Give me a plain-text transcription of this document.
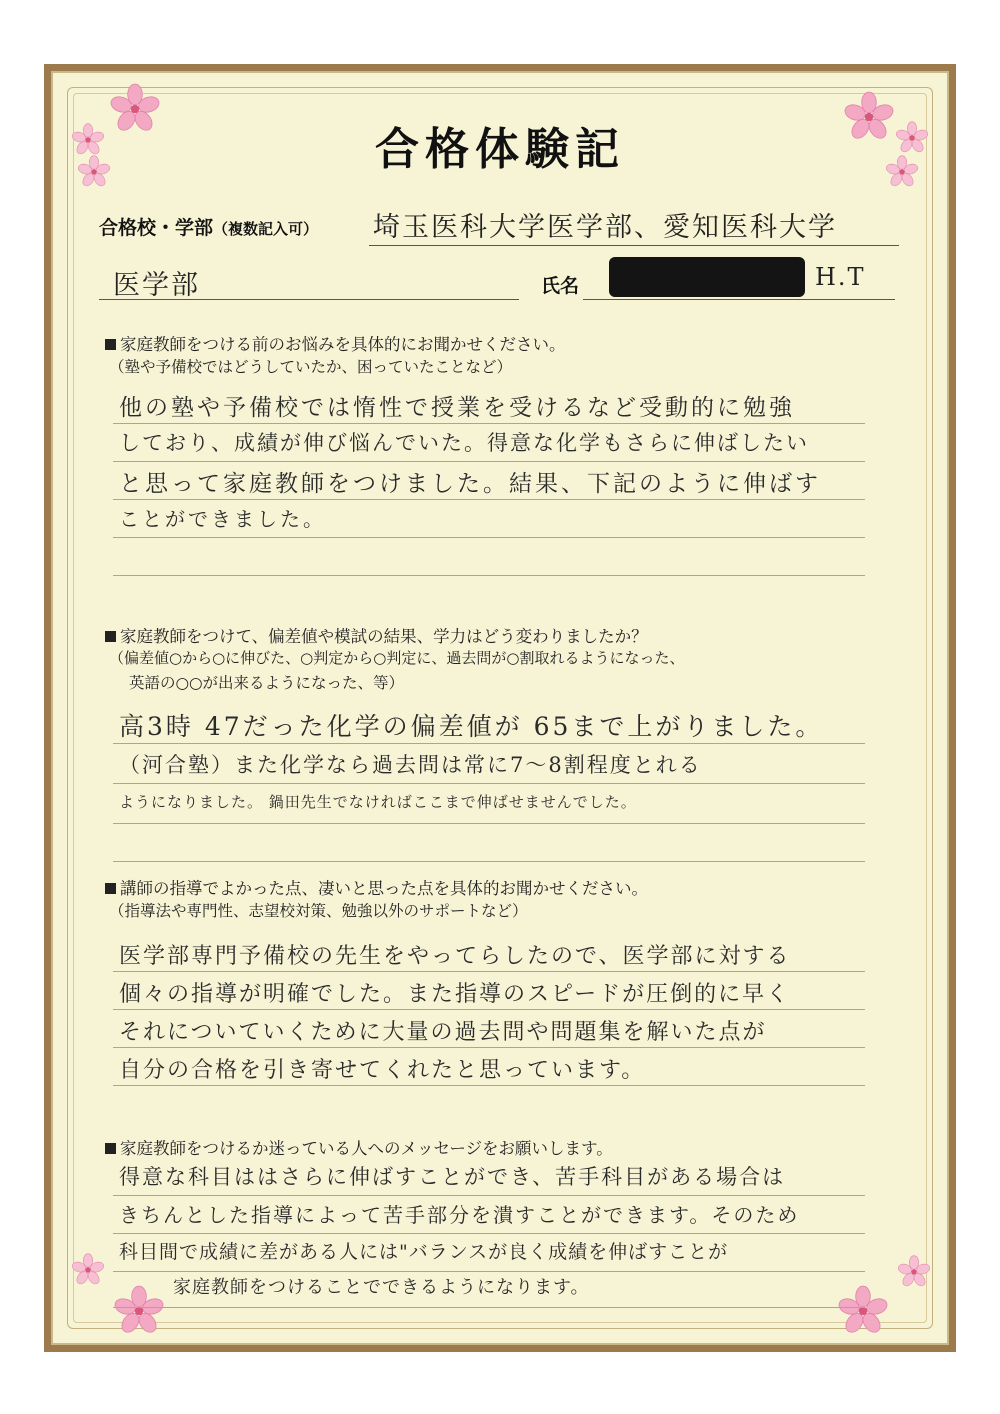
合格体験記
合格校・学部（複数記入可） 埼玉医科大学医学部、愛知医科大学
医学部	氏名	H.T
家庭教師をつける前のお悩みを具体的にお聞かせください。
（塾や予備校ではどうしていたか、困っていたことなど）
他の塾や予備校では惰性で授業を受けるなど受動的に勉強
しており、成績が伸び悩んでいた。得意な化学もさらに伸ばしたい
と思って家庭教師をつけました。結果、下記のように伸ばす
ことができました。
家庭教師をつけて、偏差値や模試の結果、学力はどう変わりましたか？
（偏差値○から○に伸びた、○判定から○判定に、過去問が○割取れるようになった、
英語の○○が出来るようになった、等）
高3時 47だった化学の偏差値が 65まで上がりました。
（河合塾）また化学なら過去問は常に7～8割程度とれる
ようになりました。 鍋田先生でなければここまで伸ばせませんでした。
講師の指導でよかった点、凄いと思った点を具体的お聞かせください。
（指導法や専門性、志望校対策、勉強以外のサポートなど）
医学部専門予備校の先生をやってらしたので、医学部に対する
個々の指導が明確でした。また指導のスピードが圧倒的に早く
それについていくために大量の過去問や問題集を解いた点が
自分の合格を引き寄せてくれたと思っています。
家庭教師をつけるか迷っている人へのメッセージをお願いします。
得意な科目ははさらに伸ばすことができ、苦手科目がある場合は
きちんとした指導によって苦手部分を潰すことができます。そのため
科目間で成績に差がある人には"バランスが良く成績を伸ばすことが
家庭教師をつけることでできるようになります。
